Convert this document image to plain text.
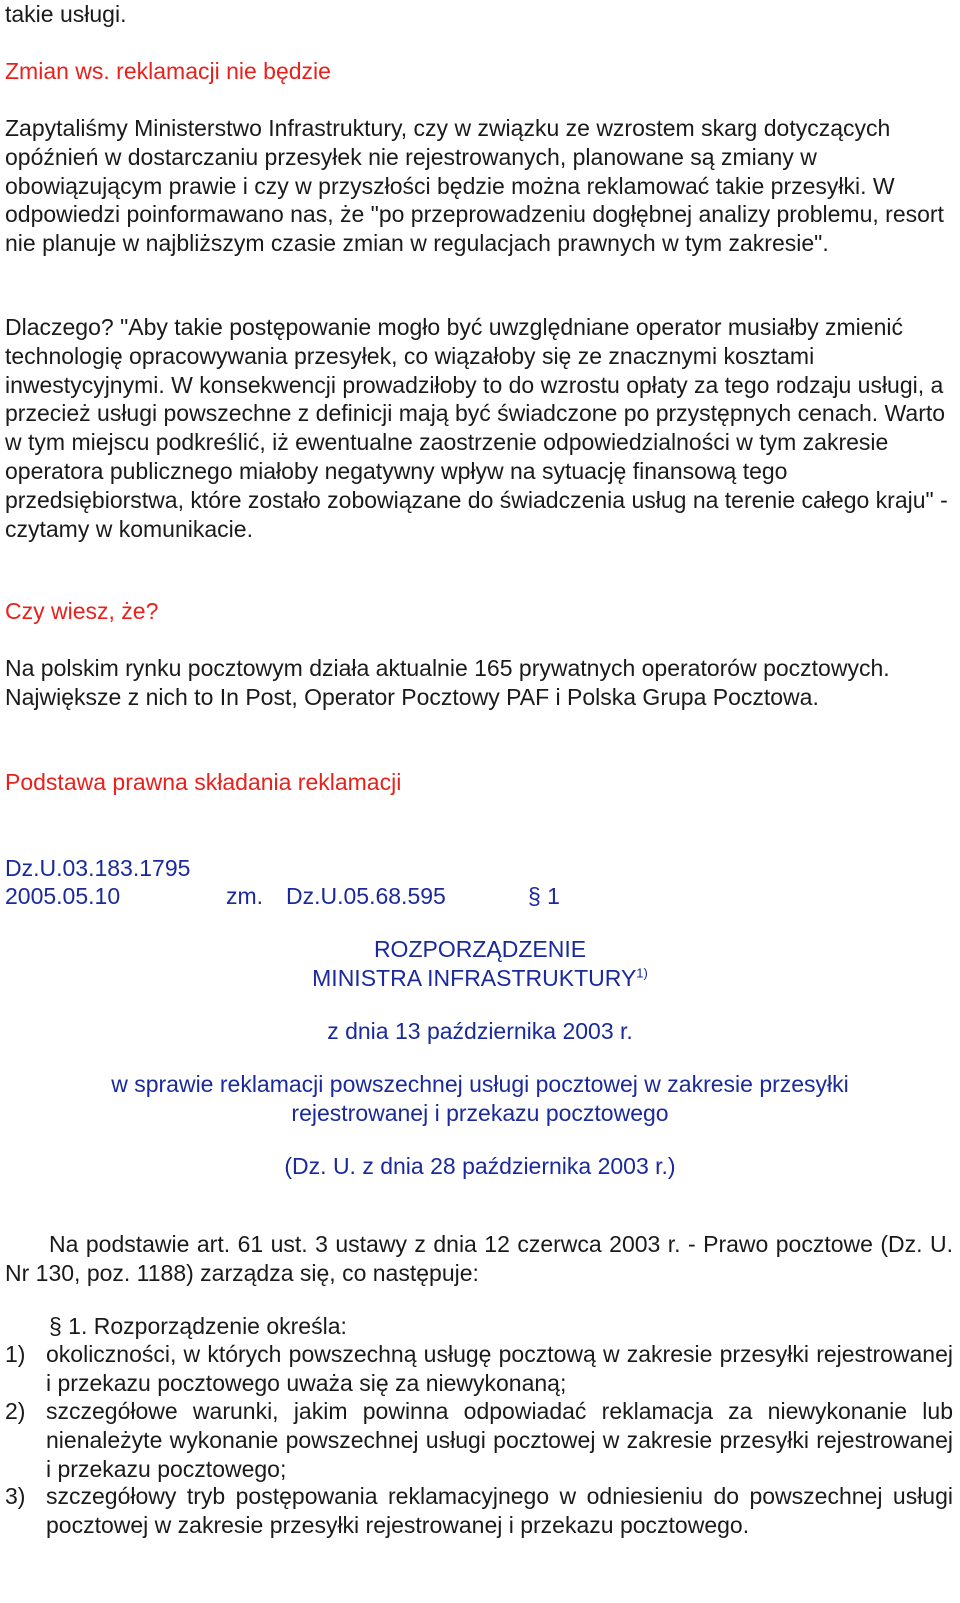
takie usługi.

Zmian ws. reklamacji nie będzie

Zapytaliśmy Ministerstwo Infrastruktury, czy w związku ze wzrostem skarg dotyczących opóźnień w dostarczaniu przesyłek nie rejestrowanych, planowane są zmiany w obowiązującym prawie i czy w przyszłości będzie można reklamować takie przesyłki. W odpowiedzi poinformawano nas, że "po przeprowadzeniu dogłębnej analizy problemu, resort nie planuje w najbliższym czasie zmian w regulacjach prawnych w tym zakresie".

Dlaczego? "Aby takie postępowanie mogło być uwzględniane operator musiałby zmienić technologię opracowywania przesyłek, co wiązałoby się ze znacznymi kosztami inwestycyjnymi. W konsekwencji prowadziłoby to do wzrostu opłaty za tego rodzaju usługi, a przecież usługi powszechne z definicji mają być świadczone po przystępnych cenach. Warto w tym miejscu podkreślić, iż ewentualne zaostrzenie odpowiedzialności w tym zakresie operatora publicznego miałoby negatywny wpływ na sytuację finansową tego przedsiębiorstwa, które zostało zobowiązane do świadczenia usług na terenie całego kraju" - czytamy w komunikacie.

Czy wiesz, że?

Na polskim rynku pocztowym działa aktualnie 165 prywatnych operatorów pocztowych. Największe z nich to In Post, Operator Pocztowy PAF i Polska Grupa Pocztowa.

Podstawa prawna składania reklamacji

Dz.U.03.183.1795
2005.05.10	zm. Dz.U.05.68.595	§ 1
ROZPORZĄDZENIE
MINISTRA INFRASTRUKTURY$^{1)}$

z dnia 13 października 2003 r.

w sprawie reklamacji powszechnej usługi pocztowej w zakresie przesyłki rejestrowanej i przekazu pocztowego

(Dz. U. z dnia 28 października 2003 r.)

Na podstawie art. 61 ust. 3 ustawy z dnia 12 czerwca 2003 r. - Prawo pocztowe (Dz. U. Nr 130, poz. 1188) zarządza się, co następuje:

§ 1. Rozporządzenie określa:

1) okoliczności, w których powszechną usługę pocztową w zakresie przesyłki rejestrowanej i przekazu pocztowego uważa się za niewykonaną;
2) szczegółowe warunki, jakim powinna odpowiadać reklamacja za niewykonanie lub nienależyte wykonanie powszechnej usługi pocztowej w zakresie przesyłki rejestrowanej i przekazu pocztowego;
3) szczegółowy tryb postępowania reklamacyjnego w odniesieniu do powszechnej usługi pocztowej w zakresie przesyłki rejestrowanej i przekazu pocztowego.
